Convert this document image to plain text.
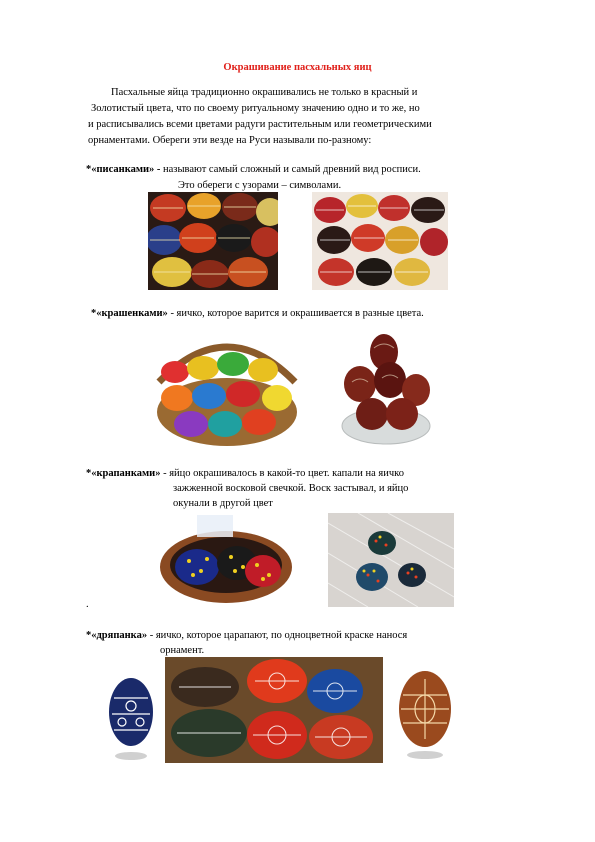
Окрашивание пасхальных яиц
Пасхальные яйца традиционно окрашивались не только в красный и
Золотистый цвета, что по своему ритуальному значению одно и то же, но
и расписывались всеми цветами радуги растительным или геометрическими
орнаментами. Обереги эти везде на Руси называли по-разному:
*«писанками» - называют самый сложный и самый древний вид росписи.
Это обереги с узорами – символами.
*«крашенками» - яичко, которое варится и окрашивается в разные цвета.
*«крапанками» - яйцо окрашивалось в какой-то цвет. капали на яичко
зажженной восковой свечкой. Воск застывал, и яйцо
окунали в другой цвет
.
*«дряпанка» - яичко, которое царапают, по одноцветной краске нанося
орнамент.
